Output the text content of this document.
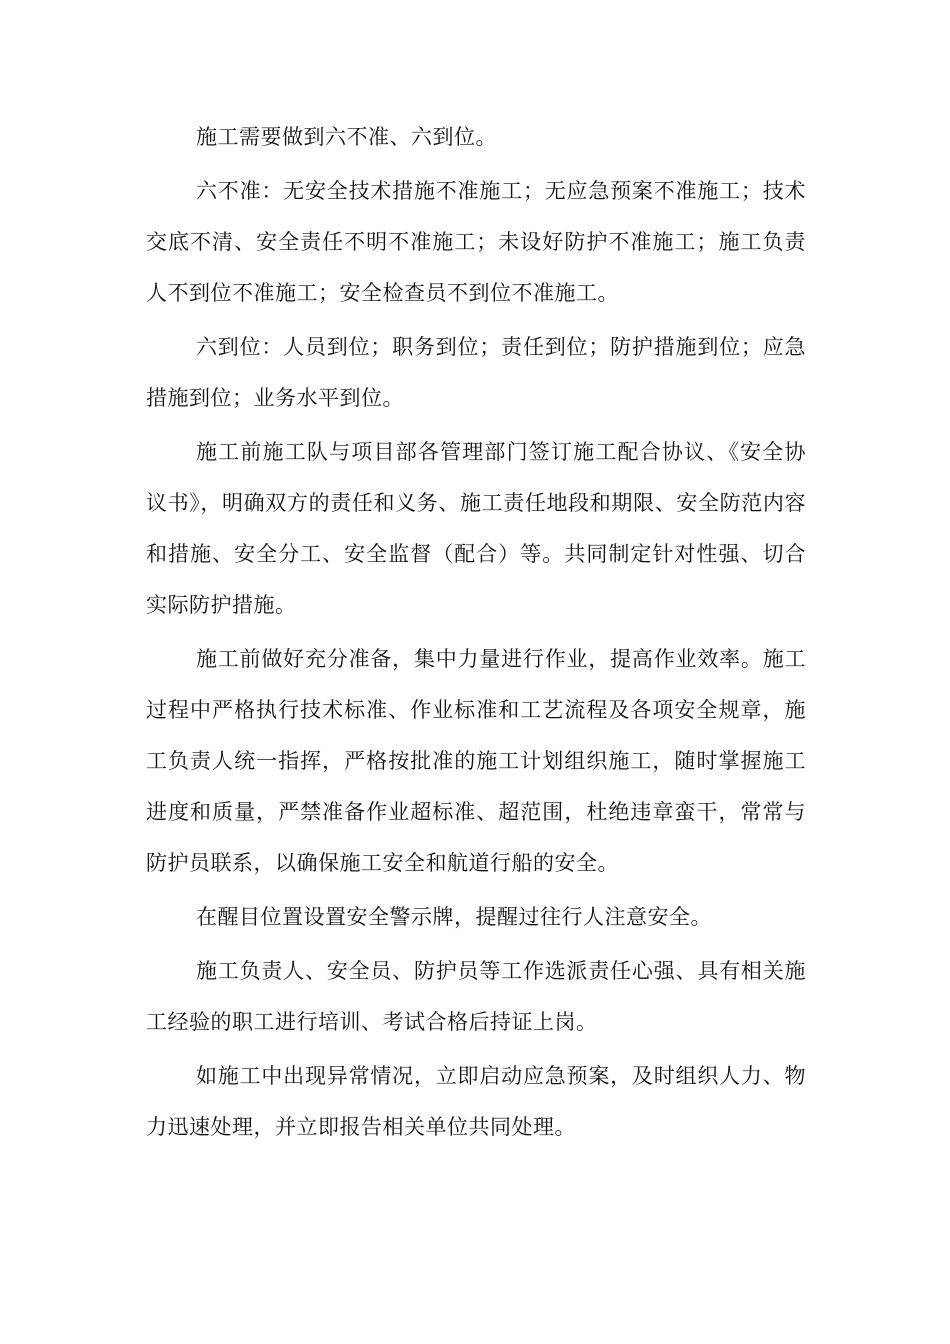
施工需要做到六不准、六到位。

六不准：无安全技术措施不准施工；无应急预案不准施工；技术交底不清、安全责任不明不准施工；未设好防护不准施工；施工负责人不到位不准施工；安全检查员不到位不准施工。

六到位：人员到位；职务到位；责任到位；防护措施到位；应急措施到位；业务水平到位。

施工前施工队与项目部各管理部门签订施工配合协议、《安全协议书》，明确双方的责任和义务、施工责任地段和期限、安全防范内容和措施、安全分工、安全监督（配合）等。共同制定针对性强、切合实际防护措施。

施工前做好充分准备，集中力量进行作业，提高作业效率。施工过程中严格执行技术标准、作业标准和工艺流程及各项安全规章，施工负责人统一指挥，严格按批准的施工计划组织施工，随时掌握施工进度和质量，严禁准备作业超标准、超范围，杜绝违章蛮干，常常与防护员联系，以确保施工安全和航道行船的安全。

在醒目位置设置安全警示牌，提醒过往行人注意安全。

施工负责人、安全员、防护员等工作选派责任心强、具有相关施工经验的职工进行培训、考试合格后持证上岗。

如施工中出现异常情况，立即启动应急预案，及时组织人力、物力迅速处理，并立即报告相关单位共同处理。
